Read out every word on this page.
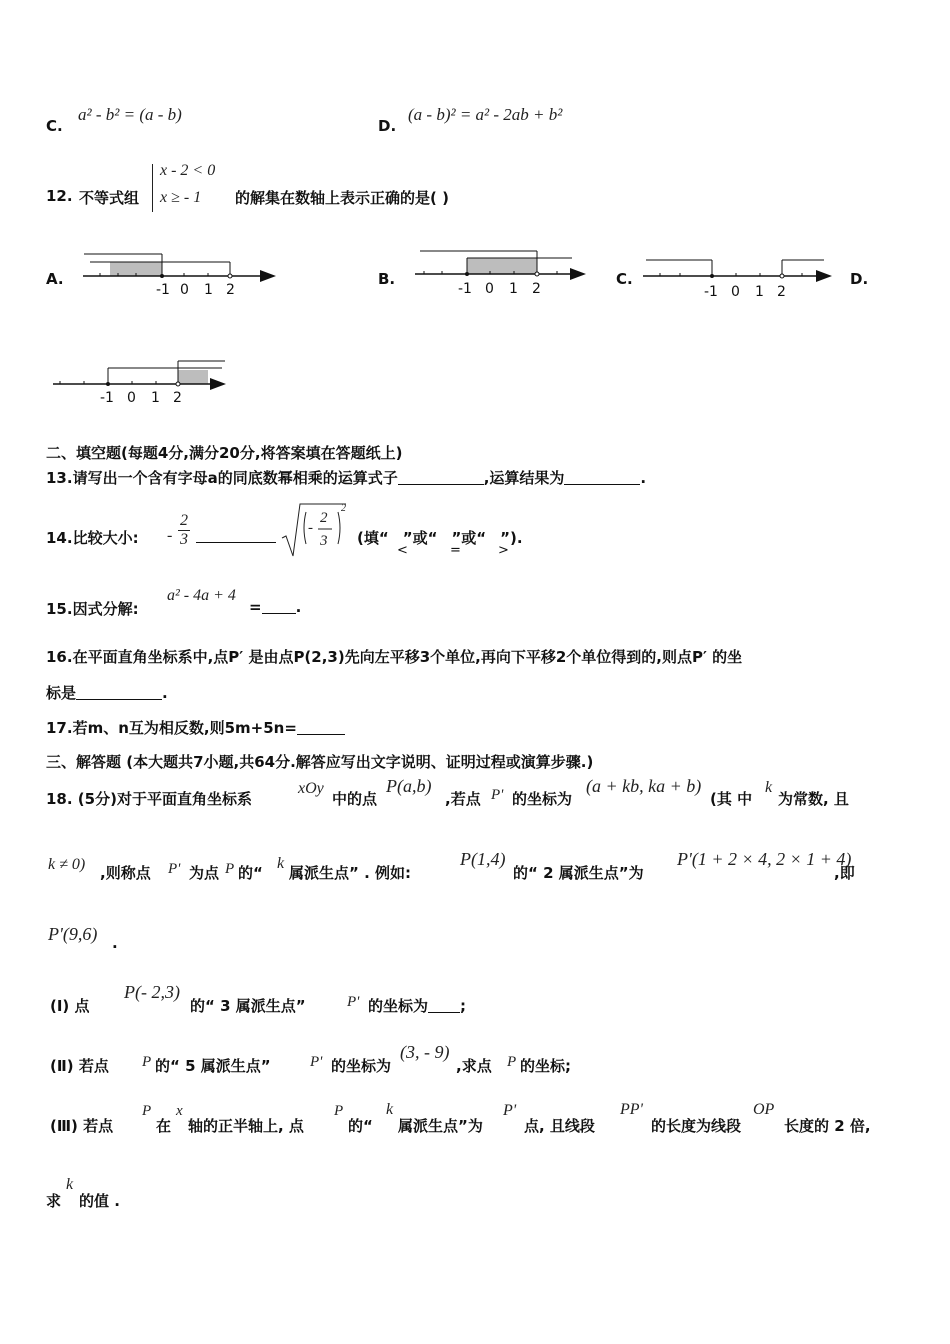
C.
a² - b² = (a - b)
D.
(a - b)² = a² - 2ab + b²
12. 不等式组
x - 2 < 0
x ≥ - 1 的解集在数轴上表示正确的是( )
A.	B.	C.	D.
-1 0 1 2	-1 0 1 2	-1 0 1 2
-1 0 1 2
二、填空题(每题4分,满分20分,将答案填在答题纸上)
13.请写出一个含有字母a的同底数幂相乘的运算式子	,运算结果为	.
14.比较大小: - $\frac{2}{3}$	-
2
3
2
(填“ ”或“ ”或“ ”).
<	=	>
15.因式分解:
a² - 4a + 4
= .
16.在平面直角坐标系中,点P′ 是由点P(2,3)先向左平移3个单位,再向下平移2个单位得到的,则点P′ 的坐
标是	.
17.若m、n互为相反数,则5m+5n=
三、解答题 (本大题共7小题,共64分.解答应写出文字说明、证明过程或演算步骤.)
18. (5分)对于平面直角坐标系
xOy
中的点
P(a,b)
,若点 P' 的坐标为
(a + kb, ka + b)
(其 中
k
为常数, 且
k ≠ 0) ,则称点 P' 为点 P 的“
k
属派生点” . 例如:
P(1,4)
的“ 2 属派生点”为
P'(1 + 2 × 4, 2 × 1 + 4)
,即
P'(9,6) .
(Ⅰ) 点
P(- 2,3)
的“ 3 属派生点”	P' 的坐标为 ;
(Ⅱ) 若点 P 的“ 5 属派生点”	P' 的坐标为
(3, - 9)
,求点 P 的坐标;
(Ⅲ) 若点
P
在
x
轴的正半轴上, 点
P
的“
k
属派生点”为
P'
点, 且线段
PP'
的长度为线段
OP
长度的 2 倍,
求
k
的值 .
